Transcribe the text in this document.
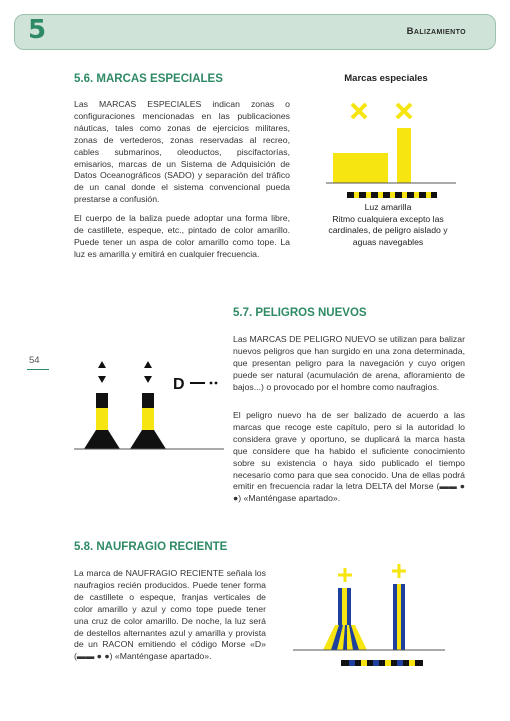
5	Balizamiento
54
5.6. MARCAS ESPECIALES

Las MARCAS ESPECIALES indican zonas o configuraciones mencionadas en las publicaciones náuticas, tales como zonas de ejercicios militares, zonas de vertederos, zonas reservadas al recreo, cables submarinos, oleoductos, piscifactorías, emisarios, marcas de un Sistema de Adquisición de Datos Oceanográficos (SADO) y separación del tráfico de un canal donde el sistema convencional pueda prestarse a confusión.

El cuerpo de la baliza puede adoptar una forma libre, de castillete, espeque, etc., pintado de color amarillo. Puede tener un aspa de color amarillo como tope. La luz es amarilla y emitirá en cualquier frecuencia.

Marcas especiales
Luz amarilla
Ritmo cualquiera excepto las cardinales, de peligro aislado y aguas navegables
5.7. PELIGROS NUEVOS

Las MARCAS DE PELIGRO NUEVO se utilizan para balizar nuevos peligros que han surgido en una zona determinada, que presentan peligro para la navegación y cuyo origen puede ser natural (acumulación de arena, afloramiento de bajos...) o provocado por el hombre como naufragios.

El peligro nuevo ha de ser balizado de acuerdo a las marcas que recoge este capítulo, pero si la autoridad lo considera grave y oportuno, se duplicará la marca hasta que considere que ha habido el suficiente conocimiento sobre su existencia o haya sido publicado el tiempo necesario como para que sea conocido. Una de ellas podrá emitir en frecuencia radar la letra DELTA del Morse (▬▬ ● ●) «Manténgase apartado».

D
5.8. NAUFRAGIO RECIENTE

La marca de NAUFRAGIO RECIENTE señala los naufragios recién producidos. Puede tener forma de castillete o espeque, franjas verticales de color amarillo y azul y como tope puede tener una cruz de color amarillo. De noche, la luz será de destellos alternantes azul y amarilla y provista de un RACON emitiendo el código Morse «D» (▬▬ ● ●) «Manténgase apartado».
